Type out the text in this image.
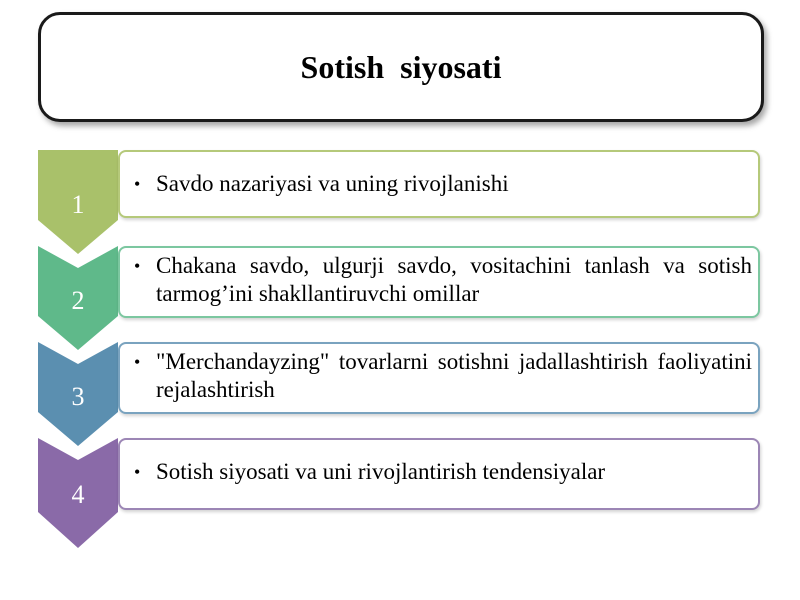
Sotish  siyosati
1
• Savdo nazariyasi va uning rivojlanishi
2
• Chakana savdo, ulgurji savdo, vositachini tanlash va sotish tarmog’ini shakllantiruvchi omillar
3
• "Merchandayzing" tovarlarni sotishni jadallashtirish faoliyatini rejalashtirish
4
• Sotish siyosati va uni rivojlantirish tendensiyalar
